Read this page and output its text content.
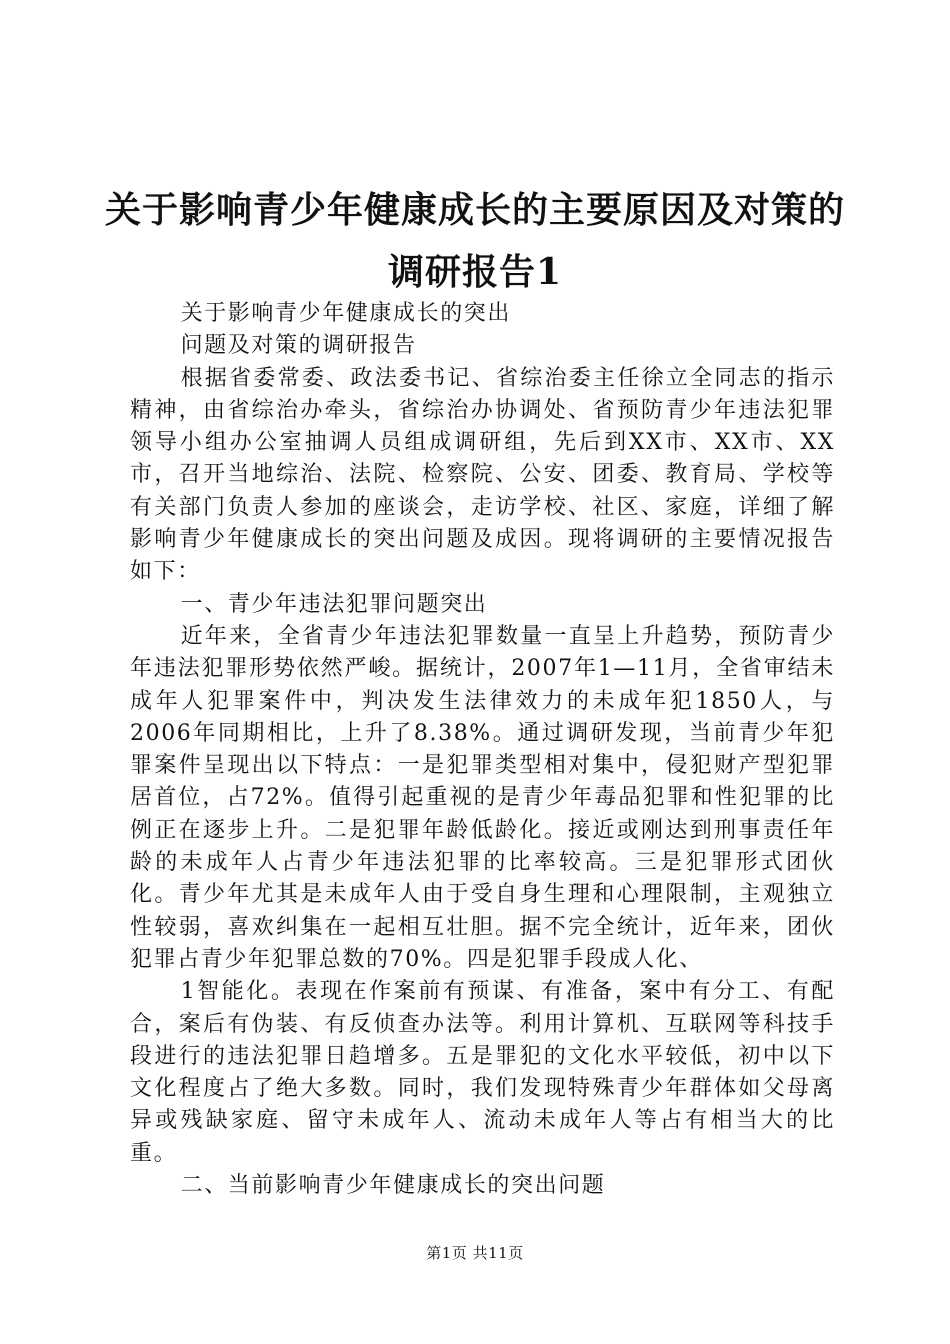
关于影响青少年健康成长的主要原因及对策的
调研报告1

关于影响青少年健康成长的突出

问题及对策的调研报告

根据省委常委、政法委书记、省综治委主任徐立全同志的指示精神，由省综治办牵头，省综治办协调处、省预防青少年违法犯罪领导小组办公室抽调人员组成调研组，先后到XX市、XX市、XX市，召开当地综治、法院、检察院、公安、团委、教育局、学校等有关部门负责人参加的座谈会，走访学校、社区、家庭，详细了解影响青少年健康成长的突出问题及成因。现将调研的主要情况报告如下：

一、青少年违法犯罪问题突出

近年来，全省青少年违法犯罪数量一直呈上升趋势，预防青少年违法犯罪形势依然严峻。据统计，2007年1—11月，全省审结未成年人犯罪案件中，判决发生法律效力的未成年犯1850人，与2006年同期相比，上升了8.38%。通过调研发现，当前青少年犯罪案件呈现出以下特点：一是犯罪类型相对集中，侵犯财产型犯罪居首位，占72%。值得引起重视的是青少年毒品犯罪和性犯罪的比例正在逐步上升。二是犯罪年龄低龄化。接近或刚达到刑事责任年龄的未成年人占青少年违法犯罪的比率较高。三是犯罪形式团伙化。青少年尤其是未成年人由于受自身生理和心理限制，主观独立性较弱，喜欢纠集在一起相互壮胆。据不完全统计，近年来，团伙犯罪占青少年犯罪总数的70%。四是犯罪手段成人化、

1智能化。表现在作案前有预谋、有准备，案中有分工、有配合，案后有伪装、有反侦查办法等。利用计算机、互联网等科技手段进行的违法犯罪日趋增多。五是罪犯的文化水平较低，初中以下文化程度占了绝大多数。同时，我们发现特殊青少年群体如父母离异或残缺家庭、留守未成年人、流动未成年人等占有相当大的比重。

二、当前影响青少年健康成长的突出问题

第1页 共11页
